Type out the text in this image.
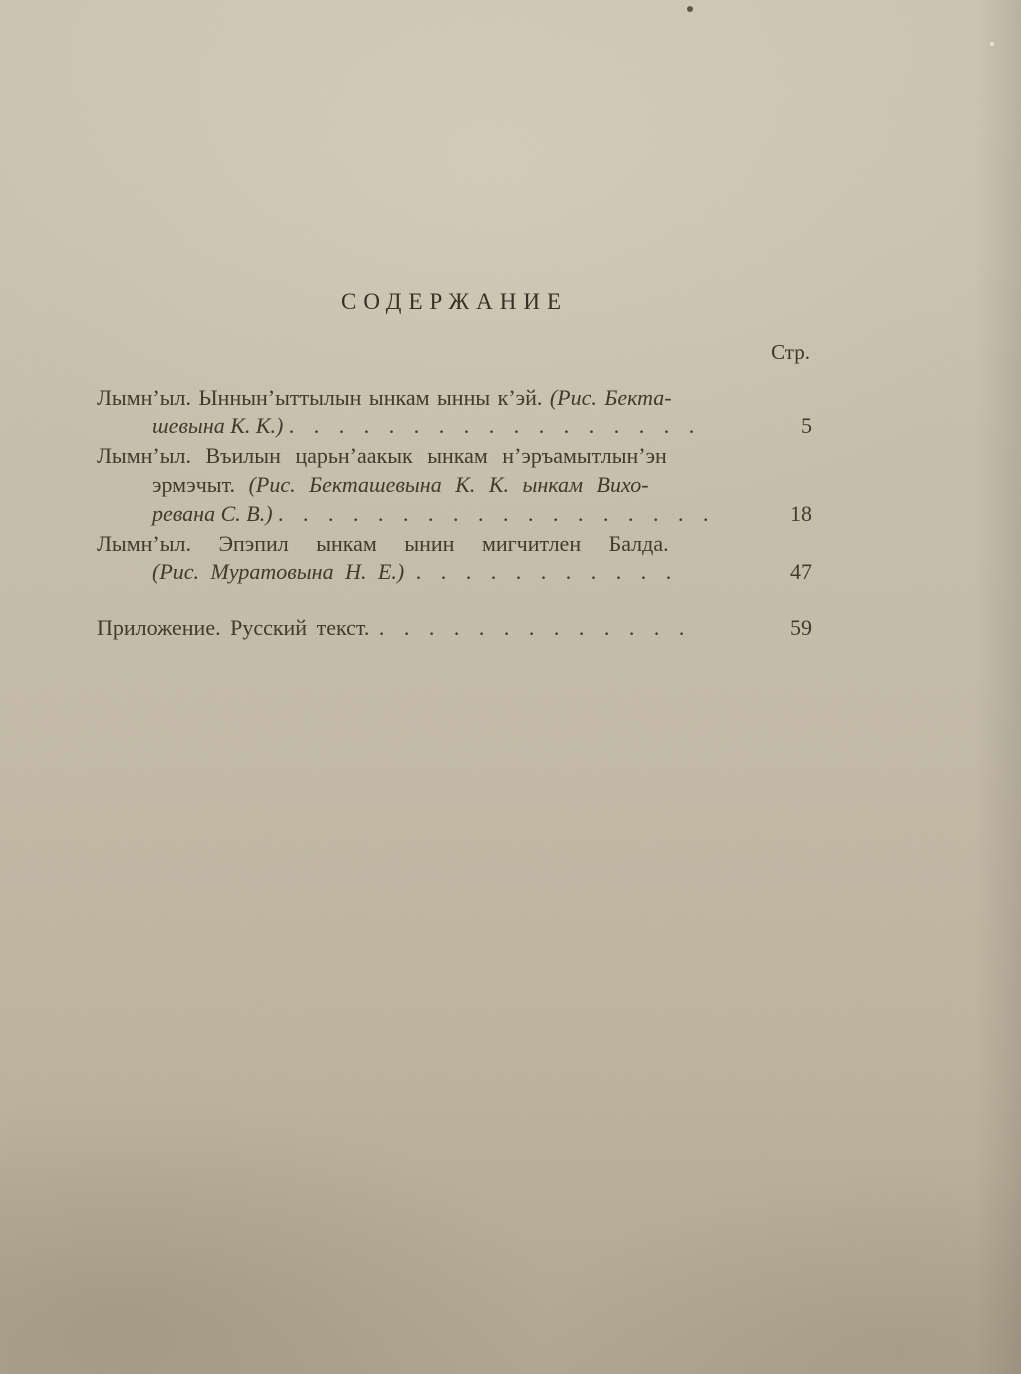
СОДЕРЖАНИЕ
Стр.
Лымн’ыл. Ыннын’ыттылын ынкам ынны к’эй. (Рис. Бекта-
шевына К. К.) . . . . . . . . . . . . . . . . .	5
Лымн’ыл. Въилын царьн’аакык ынкам н’эръамытлын’эн
эрмэчыт. (Рис. Бекташевына К. К. ынкам Вихо-
ревана С. В.) . . . . . . . . . . . . . . . . . .	18
Лымн’ыл. Эпэпил ынкам ынин мигчитлен Балда.
(Рис. Муратовына Н. Е.) . . . . . . . . . . .	47
Приложение. Русский текст. . . . . . . . . . . . . .	59
